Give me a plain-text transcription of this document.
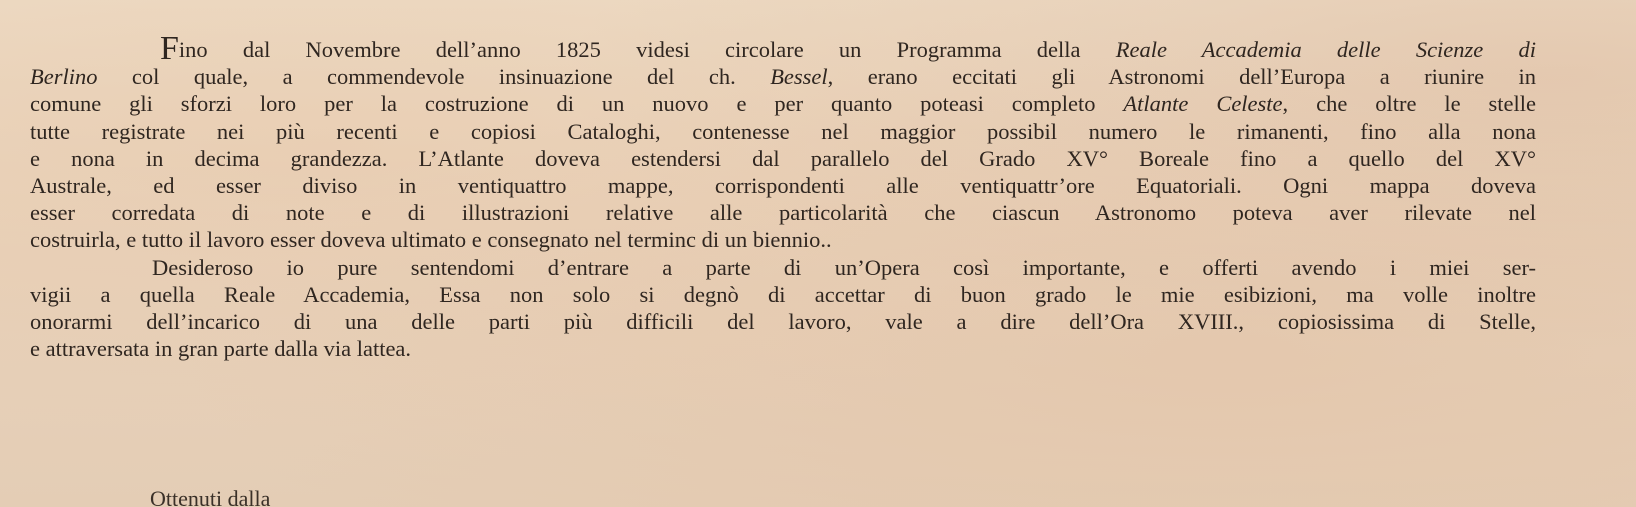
Fino dal Novembre dell’anno 1825 videsi circolare un Programma della Reale Accademia delle Scienze di
Berlino col quale, a commendevole insinuazione del ch. Bessel, erano eccitati gli Astronomi dell’Europa a riunire in
comune gli sforzi loro per la costruzione di un nuovo e per quanto poteasi completo Atlante Celeste, che oltre le stelle
tutte registrate nei più recenti e copiosi Cataloghi, contenesse nel maggior possibil numero le rimanenti, fino alla nona
e nona in decima grandezza. L’Atlante doveva estendersi dal parallelo del Grado XV° Boreale fino a quello del XV°
Australe, ed esser diviso in ventiquattro mappe, corrispondenti alle ventiquattr’ore Equatoriali. Ogni mappa doveva
esser corredata di note e di illustrazioni relative alle particolarità che ciascun Astronomo poteva aver rilevate nel
costruirla, e tutto il lavoro esser doveva ultimato e consegnato nel terminc di un biennio..
Desideroso io pure sentendomi d’entrare a parte di un’Opera così importante, e offerti avendo i miei ser-
vigii a quella Reale Accademia, Essa non solo si degnò di accettar di buon grado le mie esibizioni, ma volle inoltre
onorarmi dell’incarico di una delle parti più difficili del lavoro, vale a dire dell’Ora XVIII., copiosissima di Stelle,
e attraversata in gran parte dalla via lattea.
Ottenuti dalla
